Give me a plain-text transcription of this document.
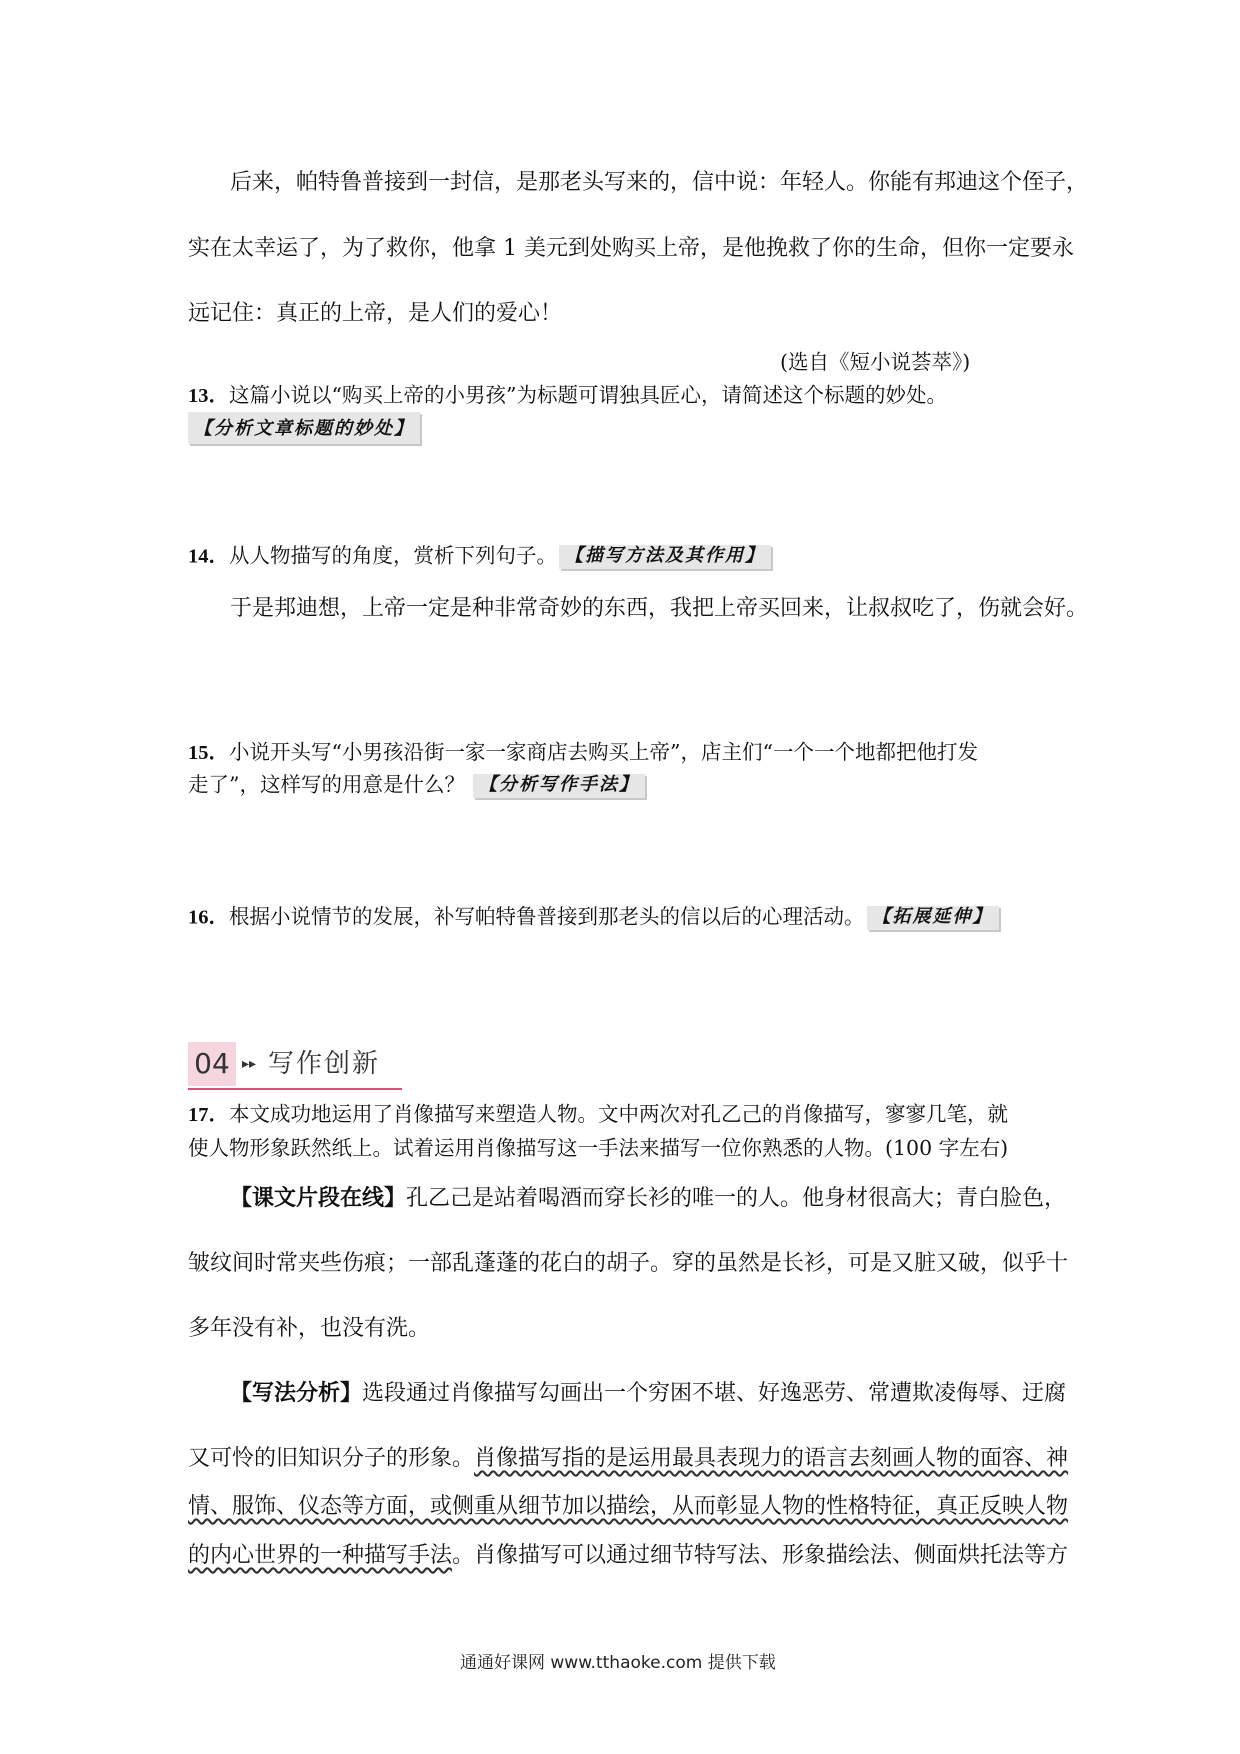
后来，帕特鲁普接到一封信，是那老头写来的，信中说：年轻人。你能有邦迪这个侄子，
实在太幸运了，为了救你，他拿 1 美元到处购买上帝，是他挽救了你的生命，但你一定要永
远记住：真正的上帝，是人们的爱心！
(选自《短小说荟萃》)
13．这篇小说以“购买上帝的小男孩”为标题可谓独具匠心，请简述这个标题的妙处。
【分析文章标题的妙处】
14．从人物描写的角度，赏析下列句子。 【描写方法及其作用】
于是邦迪想，上帝一定是种非常奇妙的东西，我把上帝买回来，让叔叔吃了，伤就会好。
15．小说开头写“小男孩沿街一家一家商店去购买上帝”，店主们“一个一个地都把他打发
走了”，这样写的用意是什么？ 【分析写作手法】
16．根据小说情节的发展，补写帕特鲁普接到那老头的信以后的心理活动。 【拓展延伸】
04 ▸▸ 写作创新
17．本文成功地运用了肖像描写来塑造人物。文中两次对孔乙己的肖像描写，寥寥几笔，就
使人物形象跃然纸上。试着运用肖像描写这一手法来描写一位你熟悉的人物。(100 字左右)
【课文片段在线】孔乙己是站着喝酒而穿长衫的唯一的人。他身材很高大；青白脸色，
皱纹间时常夹些伤痕；一部乱蓬蓬的花白的胡子。穿的虽然是长衫，可是又脏又破，似乎十
多年没有补，也没有洗。
【写法分析】选段通过肖像描写勾画出一个穷困不堪、好逸恶劳、常遭欺凌侮辱、迂腐
又可怜的旧知识分子的形象。肖像描写指的是运用最具表现力的语言去刻画人物的面容、神
情、服饰、仪态等方面，或侧重从细节加以描绘，从而彰显人物的性格特征，真正反映人物
的内心世界的一种描写手法。肖像描写可以通过细节特写法、形象描绘法、侧面烘托法等方
通通好课网 www.tthaoke.com 提供下载
